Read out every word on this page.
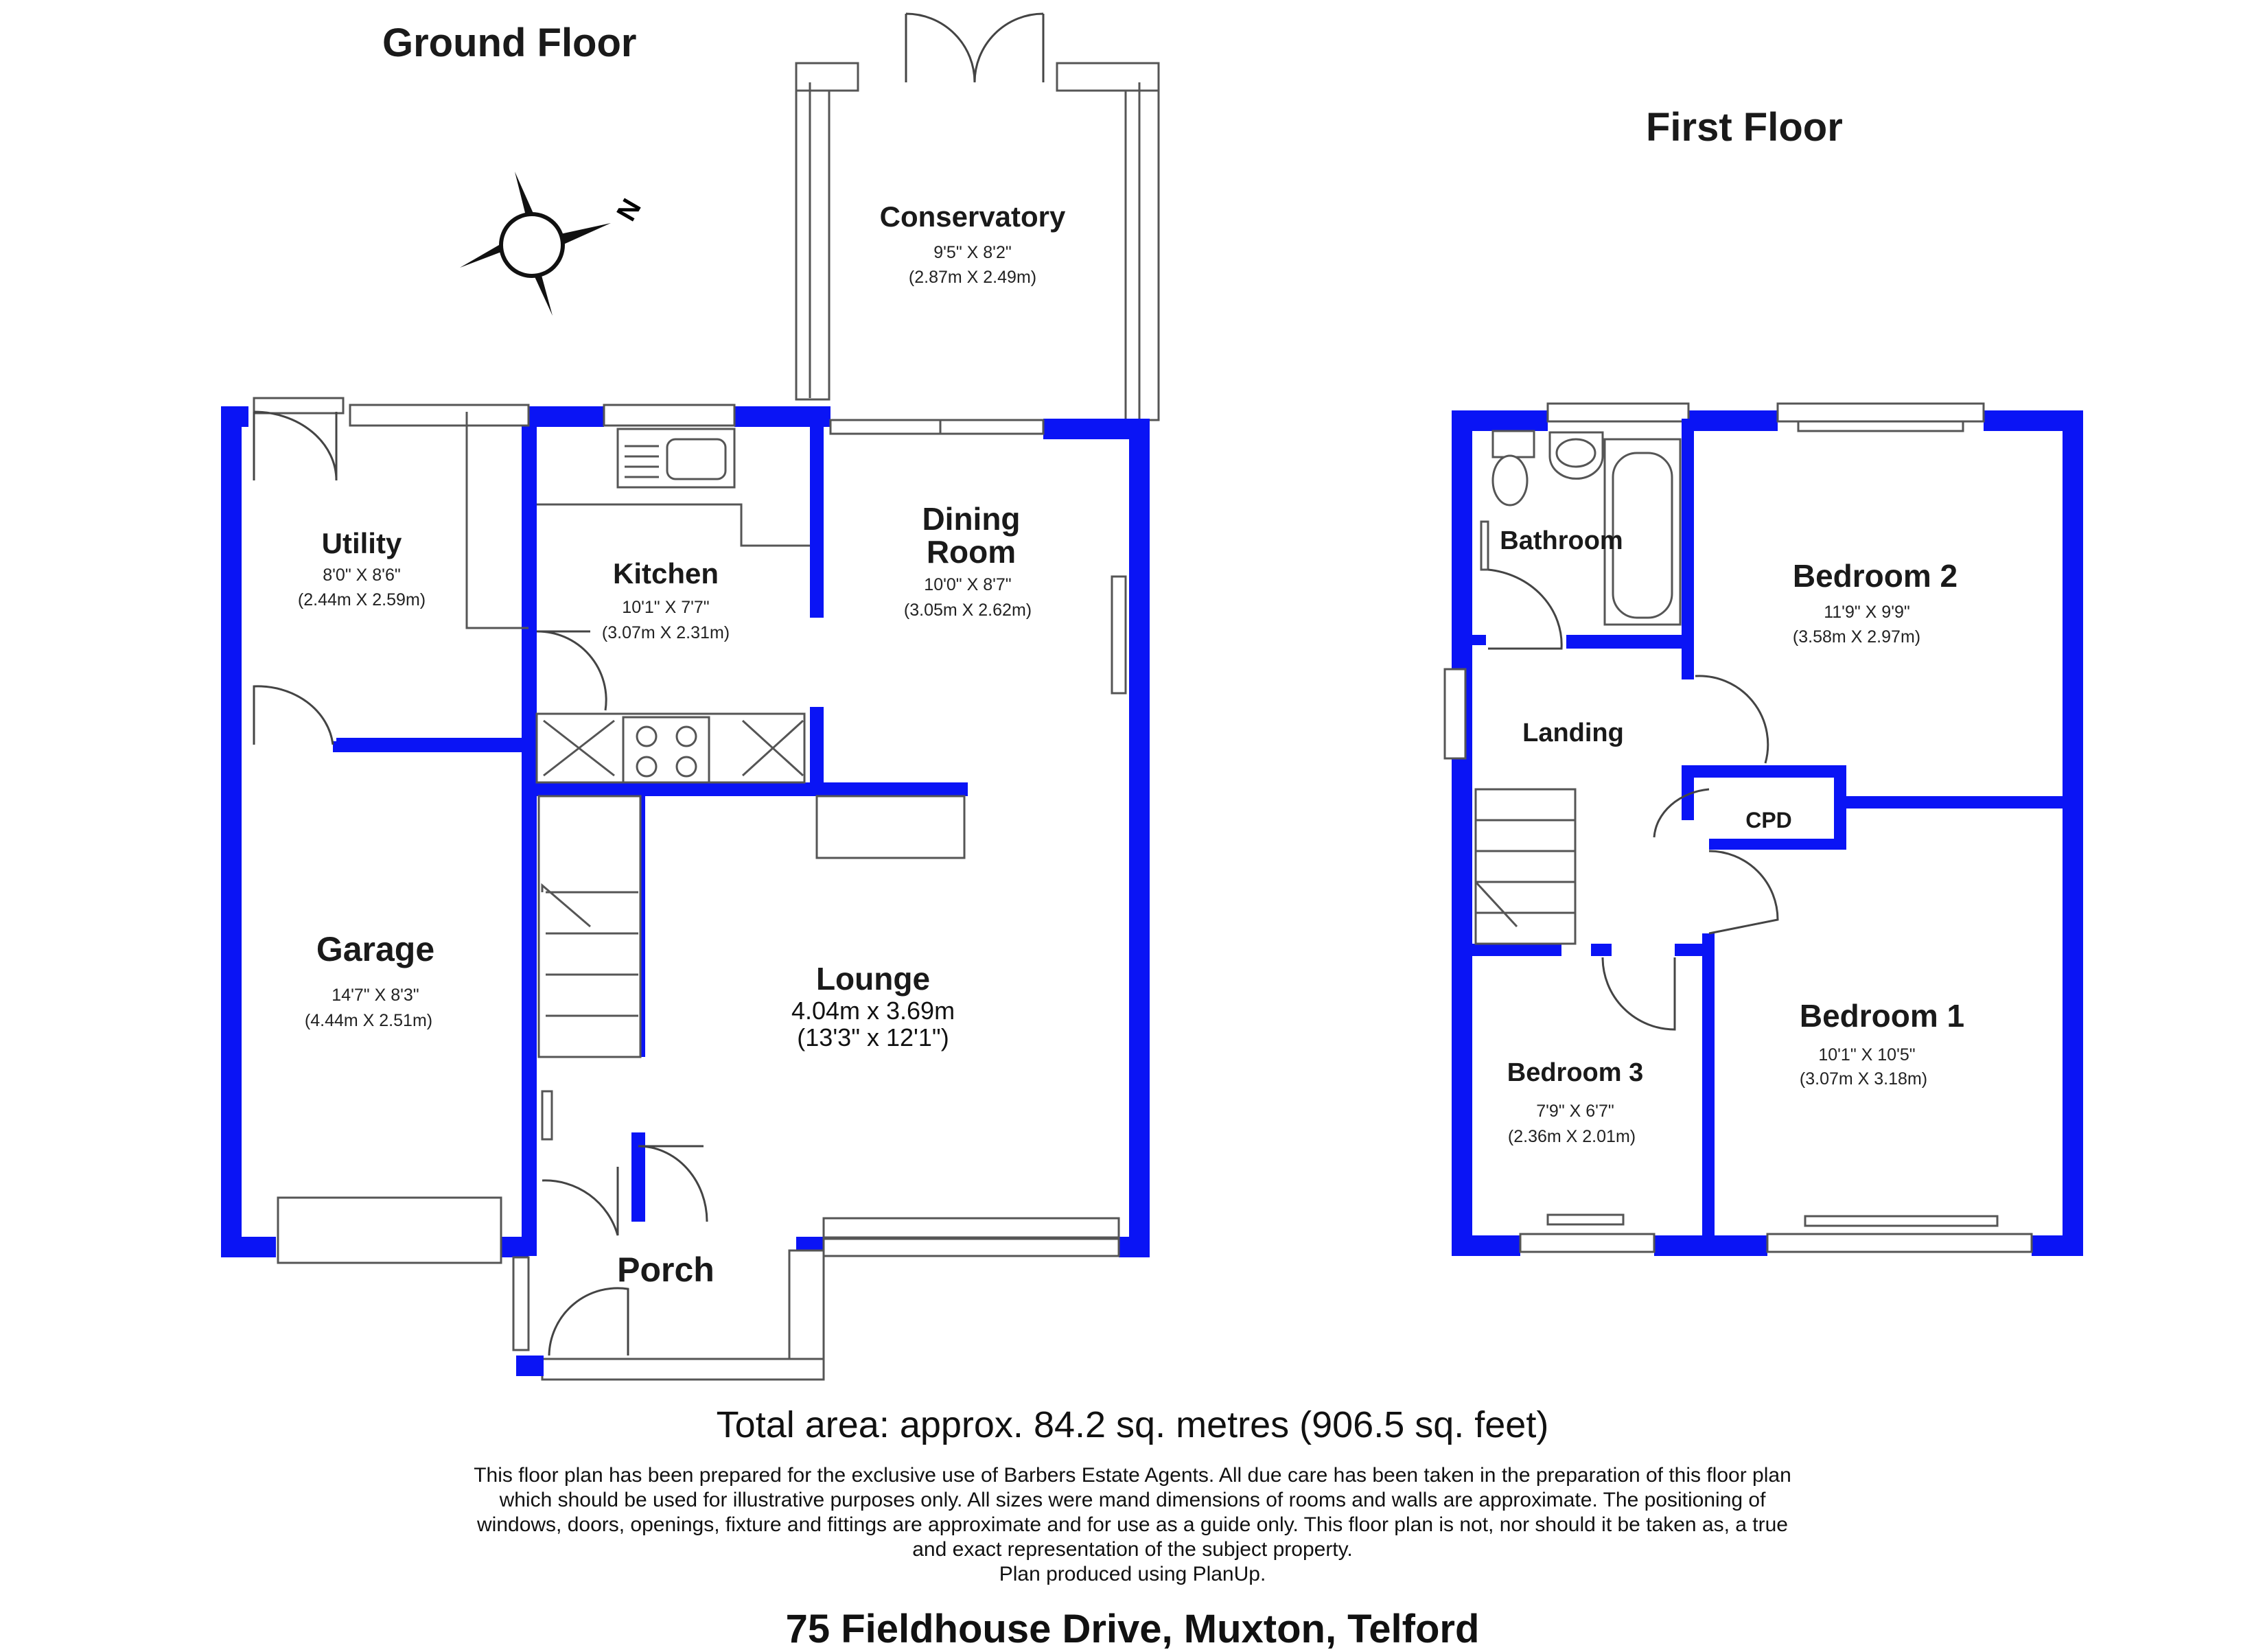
Ground Floor
N	Conservatory
9'5" X 8'2"
(2.87m X 2.49m)
Utility
8'0" X 8'6"
(2.44m X 2.59m)
Kitchen
10'1" X 7'7"
(3.07m X 2.31m)
Dining
Room
10'0" X 8'7"
(3.05m X 2.62m)
Garage
14'7" X 8'3"
(4.44m X 2.51m)
Lounge
4.04m x 3.69m
(13'3" x 12'1")
Porch
First Floor
Bathroom
Bedroom 2
11'9" X 9'9"
(3.58m X 2.97m)
Landing
CPD
Bedroom 1
10'1" X 10'5"
(3.07m X 3.18m)
Bedroom 3
7'9" X 6'7"
(2.36m X 2.01m)
Total area: approx. 84.2 sq. metres (906.5 sq. feet)
This floor plan has been prepared for the exclusive use of Barbers Estate Agents. All due care has been taken in the preparation of this floor plan
which should be used for illustrative purposes only. All sizes were mand dimensions of rooms and walls are approximate. The positioning of
windows, doors, openings, fixture and fittings are approximate and for use as a guide only. This floor plan is not, nor should it be taken as, a true
and exact representation of the subject property.
Plan produced using PlanUp.
75 Fieldhouse Drive, Muxton, Telford
